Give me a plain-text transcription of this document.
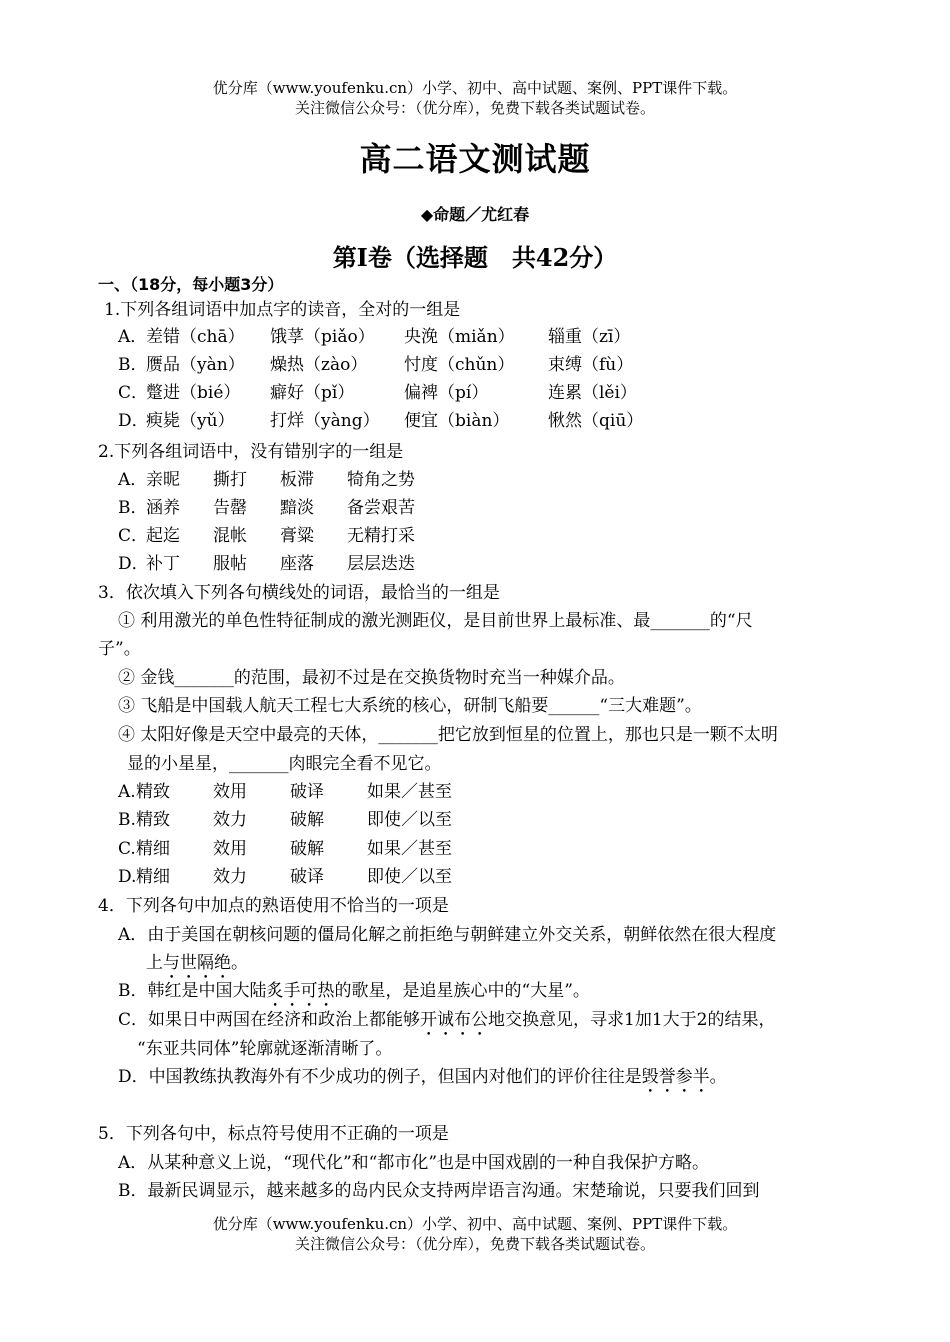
优分库（www.youfenku.cn）小学、初中、高中试题、案例、PPT课件下载。
关注微信公众号：（优分库），免费下载各类试题试卷。
高二语文测试题
◆命题／尤红春
第Ⅰ卷（选择题　共42分）
一、（18分，每小题3分）
1.下列各组词语中加点字的读音，全对的一组是
A．
差错（chā） 饿莩（piǎo） 央浼（miǎn） 辎重（zī）
B．
赝品（yàn） 燥热（zào） 忖度（chǔn） 束缚（fù）
C．
蹩进（bié） 癖好（pǐ）	偏裨（pí）	连累（lěi）
D．
瘐毙（yǔ） 打烊（yàng） 便宜（biàn） 愀然（qiū）
2.下列各组词语中，没有错别字的一组是
A．
亲昵 撕打 板滞 犄角之势
B．
涵养 告罄 黯淡 备尝艰苦
C．
起迄 混帐 膏粱 无精打采
D．
补丁 服帖 座落 层层迭迭
3．依次填入下列各句横线处的词语，最恰当的一组是
① 利用激光的单色性特征制成的激光测距仪，是目前世界上最标准、最_______的“尺
子”。
② 金钱_______的范围，最初不过是在交换货物时充当一种媒介品。
③ 飞船是中国载人航天工程七大系统的核心，研制飞船要______“三大难题”。
④ 太阳好像是天空中最亮的天体，_______把它放到恒星的位置上，那也只是一颗不太明
显的小星星，_______肉眼完全看不见它。
A. 精致	效用	破译	如果／甚至
B. 精致	效力	破解	即使／以至
C. 精细	效用	破解	如果／甚至
D. 精细	效力	破译	即使／以至
4．下列各句中加点的熟语使用不恰当的一项是
A．由于美国在朝核问题的僵局化解之前拒绝与朝鲜建立外交关系，朝鲜依然在很大程度
上与世隔绝。
B．韩红是中国大陆炙手可热的歌星，是追星族心中的“大星”。
C．如果日中两国在经济和政治上都能够开诚布公地交换意见，寻求1加1大于2的结果，
“东亚共同体”轮廓就逐渐清晰了。
D．中国教练执教海外有不少成功的例子，但国内对他们的评价往往是毁誉参半。
5．下列各句中，标点符号使用不正确的一项是
A．从某种意义上说，“现代化”和“都市化”也是中国戏剧的一种自我保护方略。
B．最新民调显示，越来越多的岛内民众支持两岸语言沟通。宋楚瑜说，只要我们回到
优分库（www.youfenku.cn）小学、初中、高中试题、案例、PPT课件下载。
关注微信公众号：（优分库），免费下载各类试题试卷。
